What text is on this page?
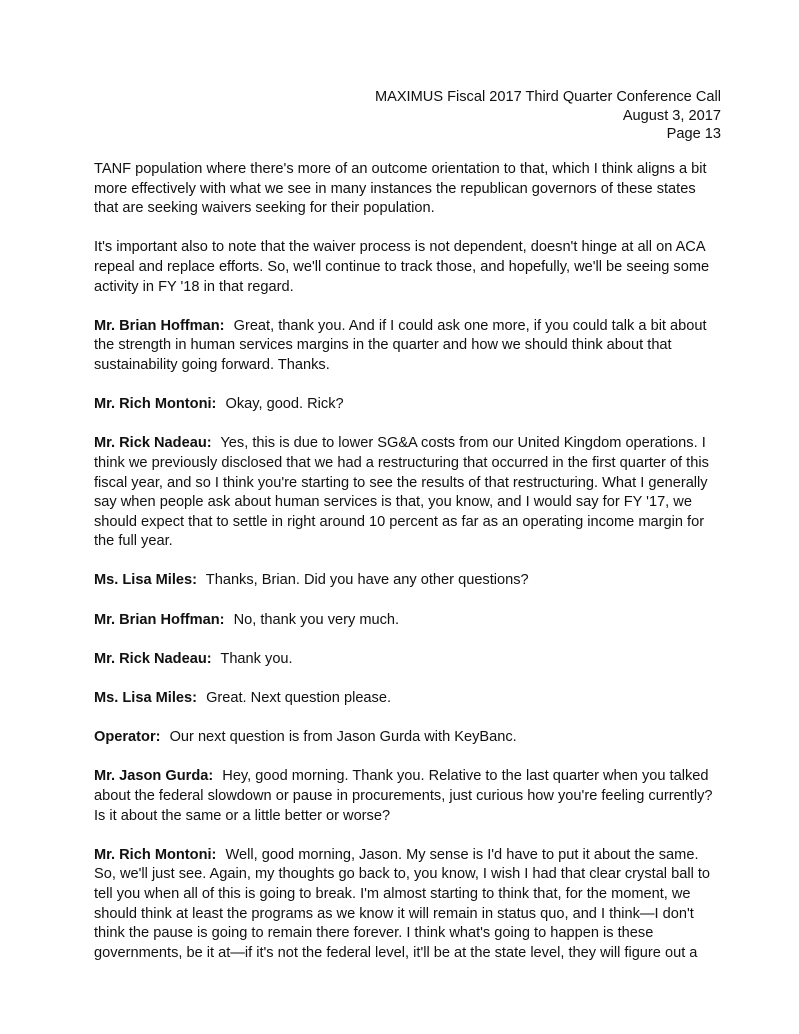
MAXIMUS Fiscal 2017 Third Quarter Conference Call
August 3, 2017
Page 13
TANF population where there's more of an outcome orientation to that, which I think aligns a bit
more effectively with what we see in many instances the republican governors of these states
that are seeking waivers seeking for their population.
It's important also to note that the waiver process is not dependent, doesn't hinge at all on ACA
repeal and replace efforts. So, we'll continue to track those, and hopefully, we'll be seeing some
activity in FY '18 in that regard.
Mr. Brian Hoffman: Great, thank you. And if I could ask one more, if you could talk a bit about
the strength in human services margins in the quarter and how we should think about that
sustainability going forward. Thanks.
Mr. Rich Montoni: Okay, good. Rick?
Mr. Rick Nadeau: Yes, this is due to lower SG&A costs from our United Kingdom operations. I
think we previously disclosed that we had a restructuring that occurred in the first quarter of this
fiscal year, and so I think you're starting to see the results of that restructuring. What I generally
say when people ask about human services is that, you know, and I would say for FY '17, we
should expect that to settle in right around 10 percent as far as an operating income margin for
the full year.
Ms. Lisa Miles: Thanks, Brian. Did you have any other questions?
Mr. Brian Hoffman: No, thank you very much.
Mr. Rick Nadeau: Thank you.
Ms. Lisa Miles: Great. Next question please.
Operator: Our next question is from Jason Gurda with KeyBanc.
Mr. Jason Gurda: Hey, good morning. Thank you. Relative to the last quarter when you talked
about the federal slowdown or pause in procurements, just curious how you're feeling currently?
Is it about the same or a little better or worse?
Mr. Rich Montoni: Well, good morning, Jason. My sense is I'd have to put it about the same.
So, we'll just see. Again, my thoughts go back to, you know, I wish I had that clear crystal ball to
tell you when all of this is going to break. I'm almost starting to think that, for the moment, we
should think at least the programs as we know it will remain in status quo, and I think—I don't
think the pause is going to remain there forever. I think what's going to happen is these
governments, be it at—if it's not the federal level, it'll be at the state level, they will figure out a
